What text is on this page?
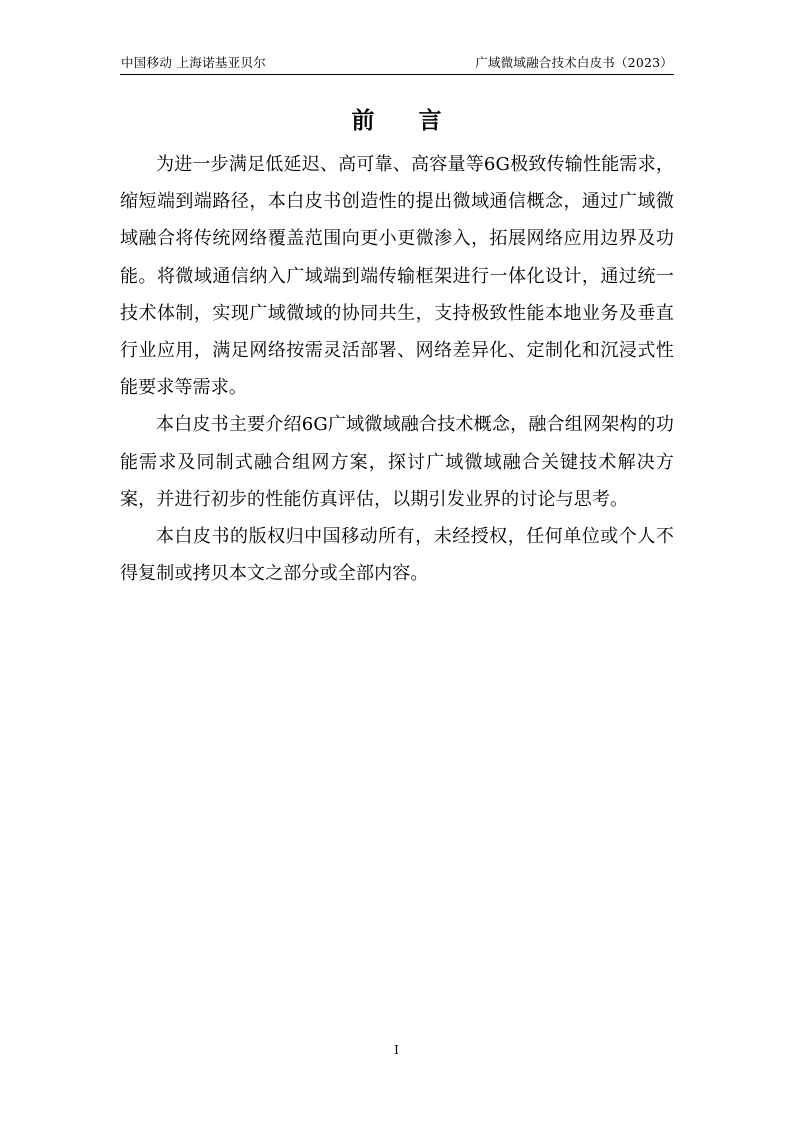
中国移动 上海诺基亚贝尔	广域微域融合技术白皮书（2023）
前 言

为进一步满足低延迟、高可靠、高容量等6G极致传输性能需求，缩短端到端路径，本白皮书创造性的提出微域通信概念，通过广域微域融合将传统网络覆盖范围向更小更微渗入，拓展网络应用边界及功能。将微域通信纳入广域端到端传输框架进行一体化设计，通过统一技术体制，实现广域微域的协同共生，支持极致性能本地业务及垂直行业应用，满足网络按需灵活部署、网络差异化、定制化和沉浸式性能要求等需求。

本白皮书主要介绍6G广域微域融合技术概念，融合组网架构的功能需求及同制式融合组网方案，探讨广域微域融合关键技术解决方案，并进行初步的性能仿真评估，以期引发业界的讨论与思考。

本白皮书的版权归中国移动所有，未经授权，任何单位或个人不得复制或拷贝本文之部分或全部内容。

I
